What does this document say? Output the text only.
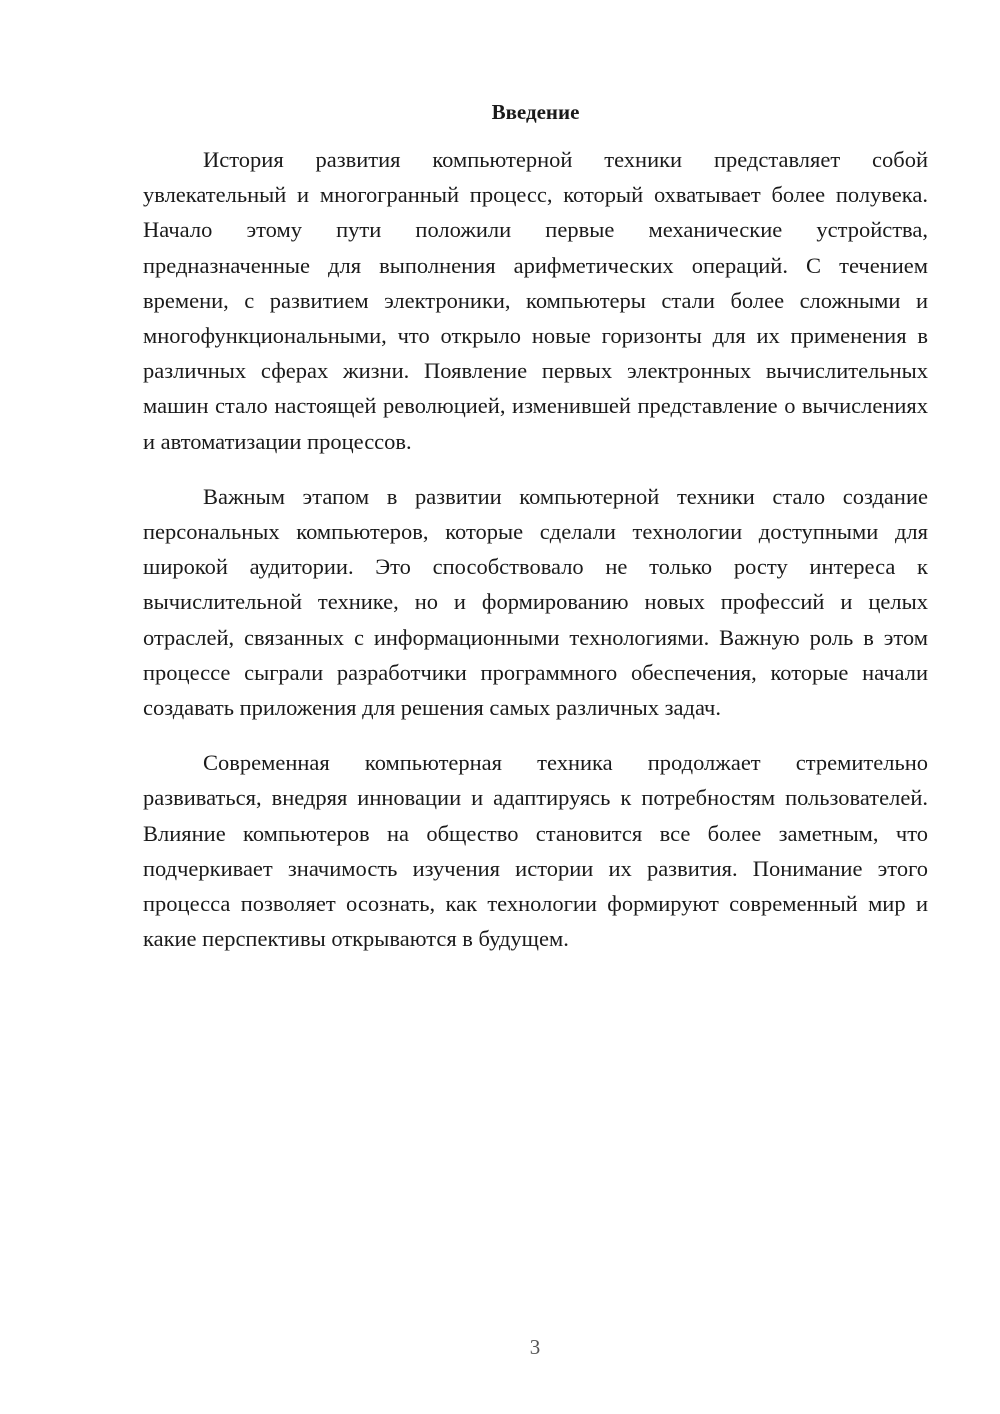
Введение

История развития компьютерной техники представляет собой увлекательный и многогранный процесс, который охватывает более полувека. Начало этому пути положили первые механические устройства, предназначенные для выполнения арифметических операций. С течением времени, с развитием электроники, компьютеры стали более сложными и многофункциональными, что открыло новые горизонты для их применения в различных сферах жизни. Появление первых электронных вычислительных машин стало настоящей революцией, изменившей представление о вычислениях и автоматизации процессов.

Важным этапом в развитии компьютерной техники стало создание персональных компьютеров, которые сделали технологии доступными для широкой аудитории. Это способствовало не только росту интереса к вычислительной технике, но и формированию новых профессий и целых отраслей, связанных с информационными технологиями. Важную роль в этом процессе сыграли разработчики программного обеспечения, которые начали создавать приложения для решения самых различных задач.

Современная компьютерная техника продолжает стремительно развиваться, внедряя инновации и адаптируясь к потребностям пользователей. Влияние компьютеров на общество становится все более заметным, что подчеркивает значимость изучения истории их развития. Понимание этого процесса позволяет осознать, как технологии формируют современный мир и какие перспективы открываются в будущем.

3
